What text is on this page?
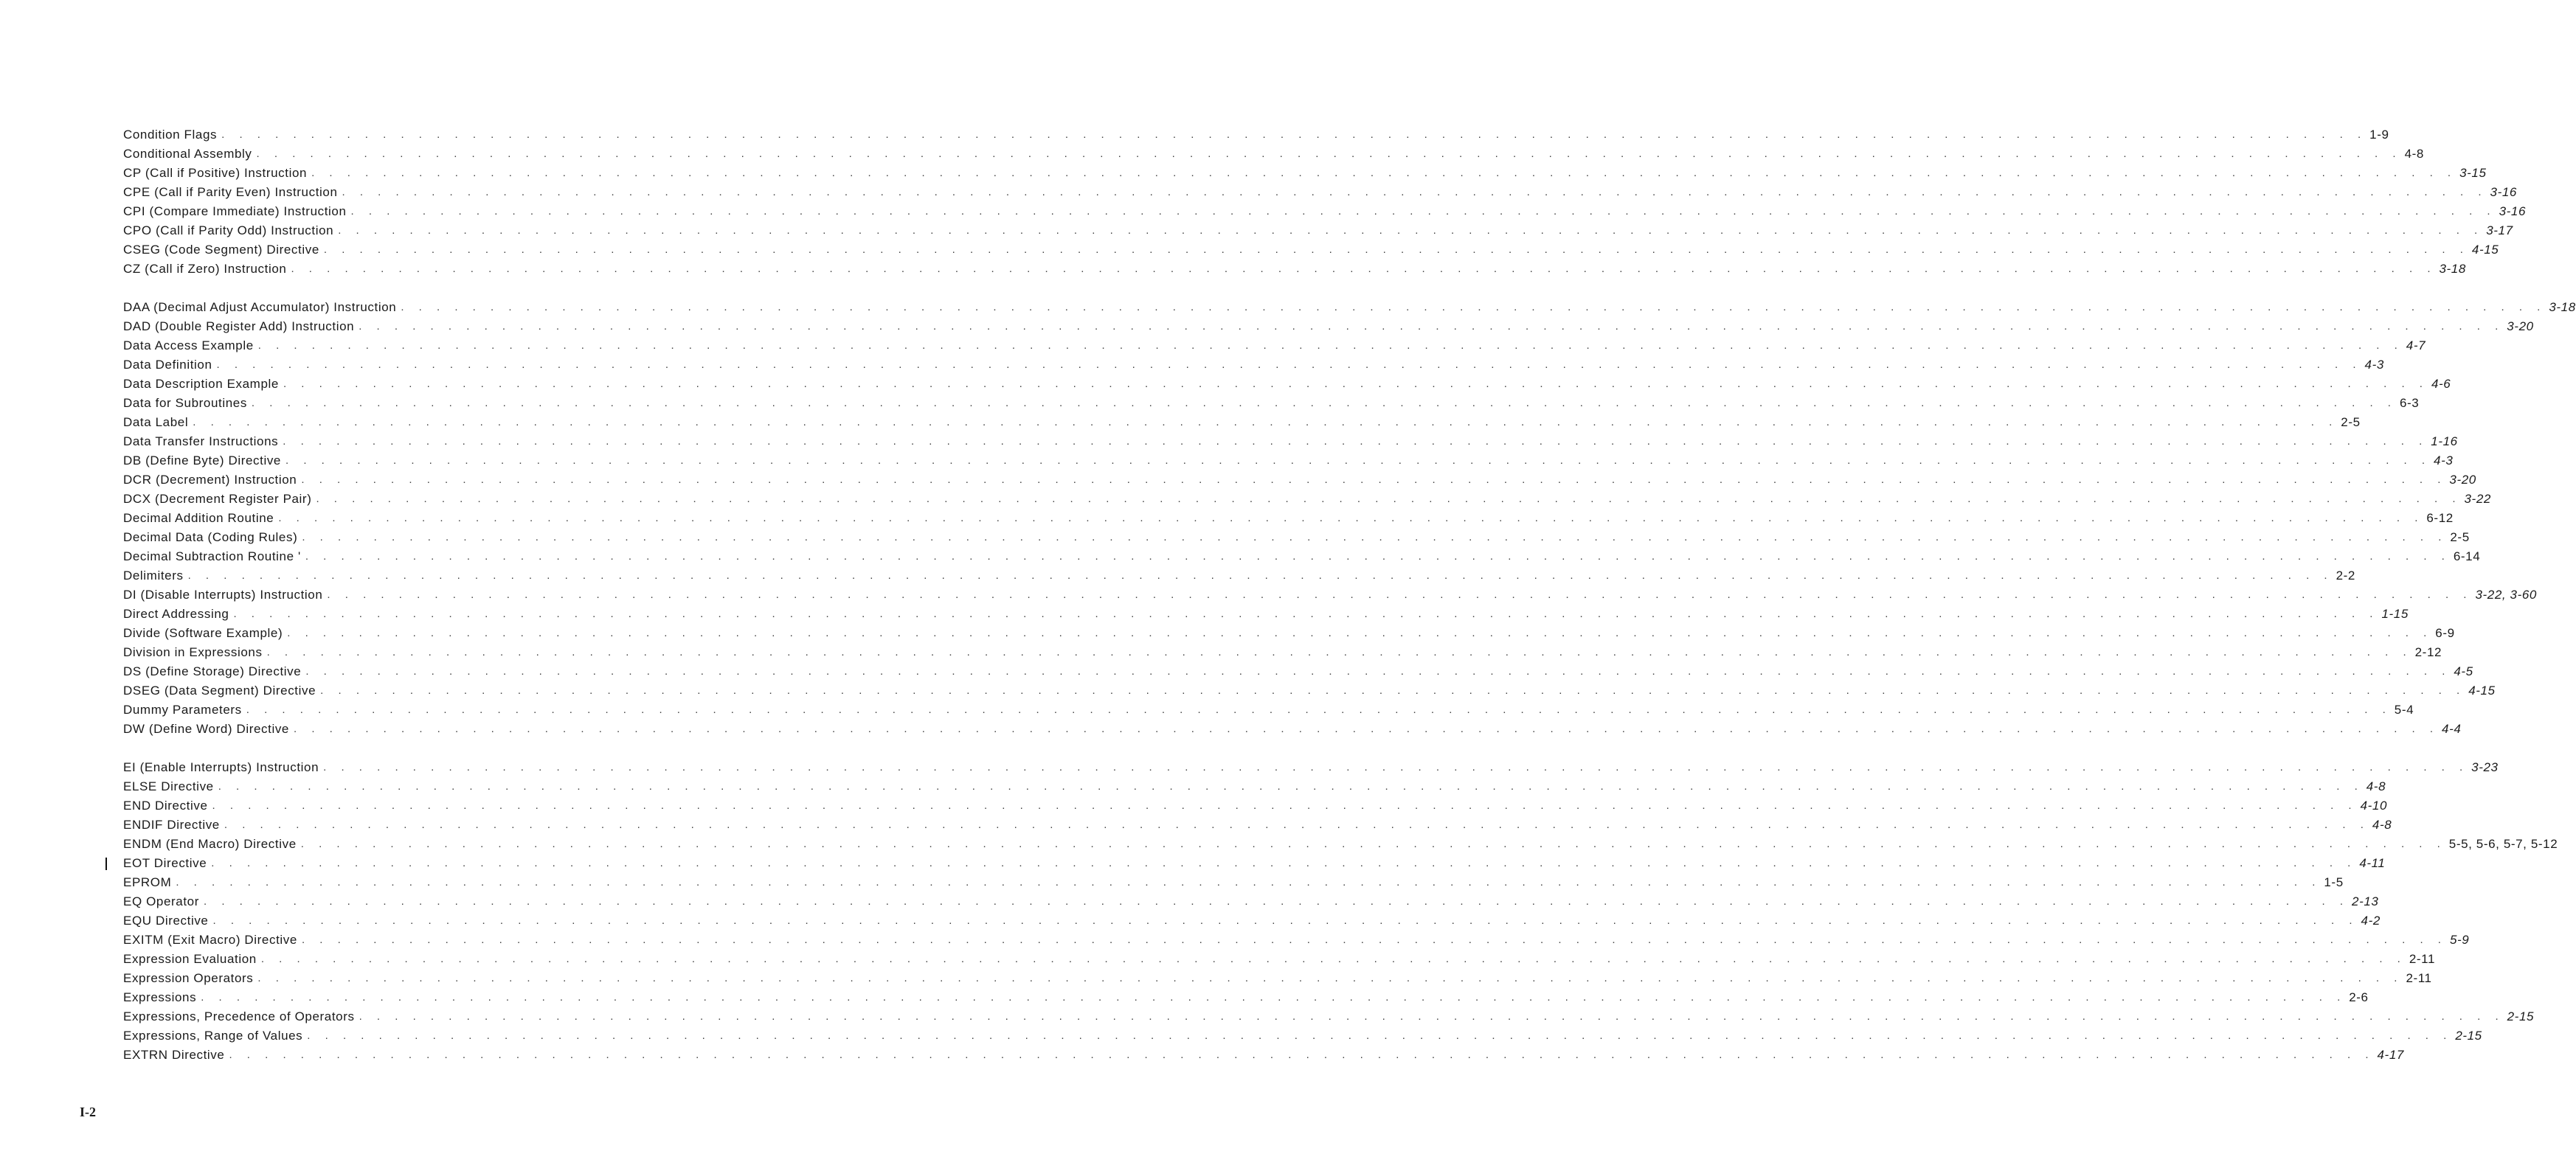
Condition Flags . . . . . . . . . . . . . . . . . . . . . . . . . . . . . . . . . . . . . . . . . . . . . . . . . . . . . . . . . . . . . . . . . . . . . . . . . . . . . . . . . . . . . . . . . . . . . . . . . . . . . . . . . . . . . . . . . . . . . . . . 1-9
Conditional Assembly . . . . . . . . . . . . . . . . . . . . . . . . . . . . . . . . . . . . . . . . . . . . . . . . . . . . . . . . . . . . . . . . . . . . . . . . . . . . . . . . . . . . . . . . . . . . . . . . . . . . . . . . . . . . . . . . . . . . . . . . 4-8
CP (Call if Positive) Instruction . . . . . . . . . . . . . . . . . . . . . . . . . . . . . . . . . . . . . . . . . . . . . . . . . . . . . . . . . . . . . . . . . . . . . . . . . . . . . . . . . . . . . . . . . . . . . . . . . . . . . . . . . . . . . . . . . . . . . . . . 3-15
CPE (Call if Parity Even) Instruction . . . . . . . . . . . . . . . . . . . . . . . . . . . . . . . . . . . . . . . . . . . . . . . . . . . . . . . . . . . . . . . . . . . . . . . . . . . . . . . . . . . . . . . . . . . . . . . . . . . . . . . . . . . . . . . . . . . . . . . . 3-16
CPI (Compare Immediate) Instruction . . . . . . . . . . . . . . . . . . . . . . . . . . . . . . . . . . . . . . . . . . . . . . . . . . . . . . . . . . . . . . . . . . . . . . . . . . . . . . . . . . . . . . . . . . . . . . . . . . . . . . . . . . . . . . . . . . . . . . . . 3-16
CPO (Call if Parity Odd) Instruction . . . . . . . . . . . . . . . . . . . . . . . . . . . . . . . . . . . . . . . . . . . . . . . . . . . . . . . . . . . . . . . . . . . . . . . . . . . . . . . . . . . . . . . . . . . . . . . . . . . . . . . . . . . . . . . . . . . . . . . . 3-17
CSEG (Code Segment) Directive . . . . . . . . . . . . . . . . . . . . . . . . . . . . . . . . . . . . . . . . . . . . . . . . . . . . . . . . . . . . . . . . . . . . . . . . . . . . . . . . . . . . . . . . . . . . . . . . . . . . . . . . . . . . . . . . . . . . . . . . 4-15
CZ (Call if Zero) Instruction . . . . . . . . . . . . . . . . . . . . . . . . . . . . . . . . . . . . . . . . . . . . . . . . . . . . . . . . . . . . . . . . . . . . . . . . . . . . . . . . . . . . . . . . . . . . . . . . . . . . . . . . . . . . . . . . . . . . . . . . 3-18
DAA (Decimal Adjust Accumulator) Instruction . . . . . . . . . . . . . . . . . . . . . . . . . . . . . . . . . . . . . . . . . . . . . . . . . . . . . . . . . . . . . . . . . . . . . . . . . . . . . . . . . . . . . . . . . . . . . . . . . . . . . . . . . . . . . . . . . . . . . . . . 3-18
DAD (Double Register Add) Instruction . . . . . . . . . . . . . . . . . . . . . . . . . . . . . . . . . . . . . . . . . . . . . . . . . . . . . . . . . . . . . . . . . . . . . . . . . . . . . . . . . . . . . . . . . . . . . . . . . . . . . . . . . . . . . . . . . . . . . . . . 3-20
Data Access Example . . . . . . . . . . . . . . . . . . . . . . . . . . . . . . . . . . . . . . . . . . . . . . . . . . . . . . . . . . . . . . . . . . . . . . . . . . . . . . . . . . . . . . . . . . . . . . . . . . . . . . . . . . . . . . . . . . . . . . . . 4-7
Data Definition . . . . . . . . . . . . . . . . . . . . . . . . . . . . . . . . . . . . . . . . . . . . . . . . . . . . . . . . . . . . . . . . . . . . . . . . . . . . . . . . . . . . . . . . . . . . . . . . . . . . . . . . . . . . . . . . . . . . . . . . 4-3
Data Description Example . . . . . . . . . . . . . . . . . . . . . . . . . . . . . . . . . . . . . . . . . . . . . . . . . . . . . . . . . . . . . . . . . . . . . . . . . . . . . . . . . . . . . . . . . . . . . . . . . . . . . . . . . . . . . . . . . . . . . . . . 4-6
Data for Subroutines . . . . . . . . . . . . . . . . . . . . . . . . . . . . . . . . . . . . . . . . . . . . . . . . . . . . . . . . . . . . . . . . . . . . . . . . . . . . . . . . . . . . . . . . . . . . . . . . . . . . . . . . . . . . . . . . . . . . . . . . 6-3
Data Label . . . . . . . . . . . . . . . . . . . . . . . . . . . . . . . . . . . . . . . . . . . . . . . . . . . . . . . . . . . . . . . . . . . . . . . . . . . . . . . . . . . . . . . . . . . . . . . . . . . . . . . . . . . . . . . . . . . . . . . . 2-5
Data Transfer Instructions . . . . . . . . . . . . . . . . . . . . . . . . . . . . . . . . . . . . . . . . . . . . . . . . . . . . . . . . . . . . . . . . . . . . . . . . . . . . . . . . . . . . . . . . . . . . . . . . . . . . . . . . . . . . . . . . . . . . . . . . 1-16
DB (Define Byte) Directive . . . . . . . . . . . . . . . . . . . . . . . . . . . . . . . . . . . . . . . . . . . . . . . . . . . . . . . . . . . . . . . . . . . . . . . . . . . . . . . . . . . . . . . . . . . . . . . . . . . . . . . . . . . . . . . . . . . . . . . . 4-3
DCR (Decrement) Instruction . . . . . . . . . . . . . . . . . . . . . . . . . . . . . . . . . . . . . . . . . . . . . . . . . . . . . . . . . . . . . . . . . . . . . . . . . . . . . . . . . . . . . . . . . . . . . . . . . . . . . . . . . . . . . . . . . . . . . . . . 3-20
DCX (Decrement Register Pair) . . . . . . . . . . . . . . . . . . . . . . . . . . . . . . . . . . . . . . . . . . . . . . . . . . . . . . . . . . . . . . . . . . . . . . . . . . . . . . . . . . . . . . . . . . . . . . . . . . . . . . . . . . . . . . . . . . . . . . . . 3-22
Decimal Addition Routine . . . . . . . . . . . . . . . . . . . . . . . . . . . . . . . . . . . . . . . . . . . . . . . . . . . . . . . . . . . . . . . . . . . . . . . . . . . . . . . . . . . . . . . . . . . . . . . . . . . . . . . . . . . . . . . . . . . . . . . . 6-12
Decimal Data (Coding Rules) . . . . . . . . . . . . . . . . . . . . . . . . . . . . . . . . . . . . . . . . . . . . . . . . . . . . . . . . . . . . . . . . . . . . . . . . . . . . . . . . . . . . . . . . . . . . . . . . . . . . . . . . . . . . . . . . . . . . . . . . 2-5
Decimal Subtraction Routine ' . . . . . . . . . . . . . . . . . . . . . . . . . . . . . . . . . . . . . . . . . . . . . . . . . . . . . . . . . . . . . . . . . . . . . . . . . . . . . . . . . . . . . . . . . . . . . . . . . . . . . . . . . . . . . . . . . . . . . . . . 6-14
Delimiters . . . . . . . . . . . . . . . . . . . . . . . . . . . . . . . . . . . . . . . . . . . . . . . . . . . . . . . . . . . . . . . . . . . . . . . . . . . . . . . . . . . . . . . . . . . . . . . . . . . . . . . . . . . . . . . . . . . . . . . . 2-2
DI (Disable Interrupts) Instruction . . . . . . . . . . . . . . . . . . . . . . . . . . . . . . . . . . . . . . . . . . . . . . . . . . . . . . . . . . . . . . . . . . . . . . . . . . . . . . . . . . . . . . . . . . . . . . . . . . . . . . . . . . . . . . . . . . . . . . . . 3-22, 3-60
Direct Addressing . . . . . . . . . . . . . . . . . . . . . . . . . . . . . . . . . . . . . . . . . . . . . . . . . . . . . . . . . . . . . . . . . . . . . . . . . . . . . . . . . . . . . . . . . . . . . . . . . . . . . . . . . . . . . . . . . . . . . . . . 1-15
Divide (Software Example) . . . . . . . . . . . . . . . . . . . . . . . . . . . . . . . . . . . . . . . . . . . . . . . . . . . . . . . . . . . . . . . . . . . . . . . . . . . . . . . . . . . . . . . . . . . . . . . . . . . . . . . . . . . . . . . . . . . . . . . . 6-9
Division in Expressions . . . . . . . . . . . . . . . . . . . . . . . . . . . . . . . . . . . . . . . . . . . . . . . . . . . . . . . . . . . . . . . . . . . . . . . . . . . . . . . . . . . . . . . . . . . . . . . . . . . . . . . . . . . . . . . . . . . . . . . . 2-12
DS (Define Storage) Directive . . . . . . . . . . . . . . . . . . . . . . . . . . . . . . . . . . . . . . . . . . . . . . . . . . . . . . . . . . . . . . . . . . . . . . . . . . . . . . . . . . . . . . . . . . . . . . . . . . . . . . . . . . . . . . . . . . . . . . . . 4-5
DSEG (Data Segment) Directive . . . . . . . . . . . . . . . . . . . . . . . . . . . . . . . . . . . . . . . . . . . . . . . . . . . . . . . . . . . . . . . . . . . . . . . . . . . . . . . . . . . . . . . . . . . . . . . . . . . . . . . . . . . . . . . . . . . . . . . . 4-15
Dummy Parameters . . . . . . . . . . . . . . . . . . . . . . . . . . . . . . . . . . . . . . . . . . . . . . . . . . . . . . . . . . . . . . . . . . . . . . . . . . . . . . . . . . . . . . . . . . . . . . . . . . . . . . . . . . . . . . . . . . . . . . . . 5-4
DW (Define Word) Directive . . . . . . . . . . . . . . . . . . . . . . . . . . . . . . . . . . . . . . . . . . . . . . . . . . . . . . . . . . . . . . . . . . . . . . . . . . . . . . . . . . . . . . . . . . . . . . . . . . . . . . . . . . . . . . . . . . . . . . . . 4-4
EI (Enable Interrupts) Instruction . . . . . . . . . . . . . . . . . . . . . . . . . . . . . . . . . . . . . . . . . . . . . . . . . . . . . . . . . . . . . . . . . . . . . . . . . . . . . . . . . . . . . . . . . . . . . . . . . . . . . . . . . . . . . . . . . . . . . . . . 3-23
ELSE Directive . . . . . . . . . . . . . . . . . . . . . . . . . . . . . . . . . . . . . . . . . . . . . . . . . . . . . . . . . . . . . . . . . . . . . . . . . . . . . . . . . . . . . . . . . . . . . . . . . . . . . . . . . . . . . . . . . . . . . . . . 4-8
END Directive . . . . . . . . . . . . . . . . . . . . . . . . . . . . . . . . . . . . . . . . . . . . . . . . . . . . . . . . . . . . . . . . . . . . . . . . . . . . . . . . . . . . . . . . . . . . . . . . . . . . . . . . . . . . . . . . . . . . . . . . 4-10
ENDIF Directive . . . . . . . . . . . . . . . . . . . . . . . . . . . . . . . . . . . . . . . . . . . . . . . . . . . . . . . . . . . . . . . . . . . . . . . . . . . . . . . . . . . . . . . . . . . . . . . . . . . . . . . . . . . . . . . . . . . . . . . . 4-8
ENDM (End Macro) Directive . . . . . . . . . . . . . . . . . . . . . . . . . . . . . . . . . . . . . . . . . . . . . . . . . . . . . . . . . . . . . . . . . . . . . . . . . . . . . . . . . . . . . . . . . . . . . . . . . . . . . . . . . . . . . . . . . . . . . . . . 5-5, 5-6, 5-7, 5-12
EOT Directive . . . . . . . . . . . . . . . . . . . . . . . . . . . . . . . . . . . . . . . . . . . . . . . . . . . . . . . . . . . . . . . . . . . . . . . . . . . . . . . . . . . . . . . . . . . . . . . . . . . . . . . . . . . . . . . . . . . . . . . . 4-11
EPROM . . . . . . . . . . . . . . . . . . . . . . . . . . . . . . . . . . . . . . . . . . . . . . . . . . . . . . . . . . . . . . . . . . . . . . . . . . . . . . . . . . . . . . . . . . . . . . . . . . . . . . . . . . . . . . . . . . . . . . . . 1-5
EQ Operator . . . . . . . . . . . . . . . . . . . . . . . . . . . . . . . . . . . . . . . . . . . . . . . . . . . . . . . . . . . . . . . . . . . . . . . . . . . . . . . . . . . . . . . . . . . . . . . . . . . . . . . . . . . . . . . . . . . . . . . . 2-13
EQU Directive . . . . . . . . . . . . . . . . . . . . . . . . . . . . . . . . . . . . . . . . . . . . . . . . . . . . . . . . . . . . . . . . . . . . . . . . . . . . . . . . . . . . . . . . . . . . . . . . . . . . . . . . . . . . . . . . . . . . . . . . 4-2
EXITM (Exit Macro) Directive . . . . . . . . . . . . . . . . . . . . . . . . . . . . . . . . . . . . . . . . . . . . . . . . . . . . . . . . . . . . . . . . . . . . . . . . . . . . . . . . . . . . . . . . . . . . . . . . . . . . . . . . . . . . . . . . . . . . . . . . 5-9
Expression Evaluation . . . . . . . . . . . . . . . . . . . . . . . . . . . . . . . . . . . . . . . . . . . . . . . . . . . . . . . . . . . . . . . . . . . . . . . . . . . . . . . . . . . . . . . . . . . . . . . . . . . . . . . . . . . . . . . . . . . . . . . . 2-11
Expression Operators . . . . . . . . . . . . . . . . . . . . . . . . . . . . . . . . . . . . . . . . . . . . . . . . . . . . . . . . . . . . . . . . . . . . . . . . . . . . . . . . . . . . . . . . . . . . . . . . . . . . . . . . . . . . . . . . . . . . . . . . 2-11
Expressions . . . . . . . . . . . . . . . . . . . . . . . . . . . . . . . . . . . . . . . . . . . . . . . . . . . . . . . . . . . . . . . . . . . . . . . . . . . . . . . . . . . . . . . . . . . . . . . . . . . . . . . . . . . . . . . . . . . . . . . . 2-6
Expressions, Precedence of Operators . . . . . . . . . . . . . . . . . . . . . . . . . . . . . . . . . . . . . . . . . . . . . . . . . . . . . . . . . . . . . . . . . . . . . . . . . . . . . . . . . . . . . . . . . . . . . . . . . . . . . . . . . . . . . . . . . . . . . . . . 2-15
Expressions, Range of Values . . . . . . . . . . . . . . . . . . . . . . . . . . . . . . . . . . . . . . . . . . . . . . . . . . . . . . . . . . . . . . . . . . . . . . . . . . . . . . . . . . . . . . . . . . . . . . . . . . . . . . . . . . . . . . . . . . . . . . . . 2-15
EXTRN Directive . . . . . . . . . . . . . . . . . . . . . . . . . . . . . . . . . . . . . . . . . . . . . . . . . . . . . . . . . . . . . . . . . . . . . . . . . . . . . . . . . . . . . . . . . . . . . . . . . . . . . . . . . . . . . . . . . . . . . . . . 4-17
I-2
